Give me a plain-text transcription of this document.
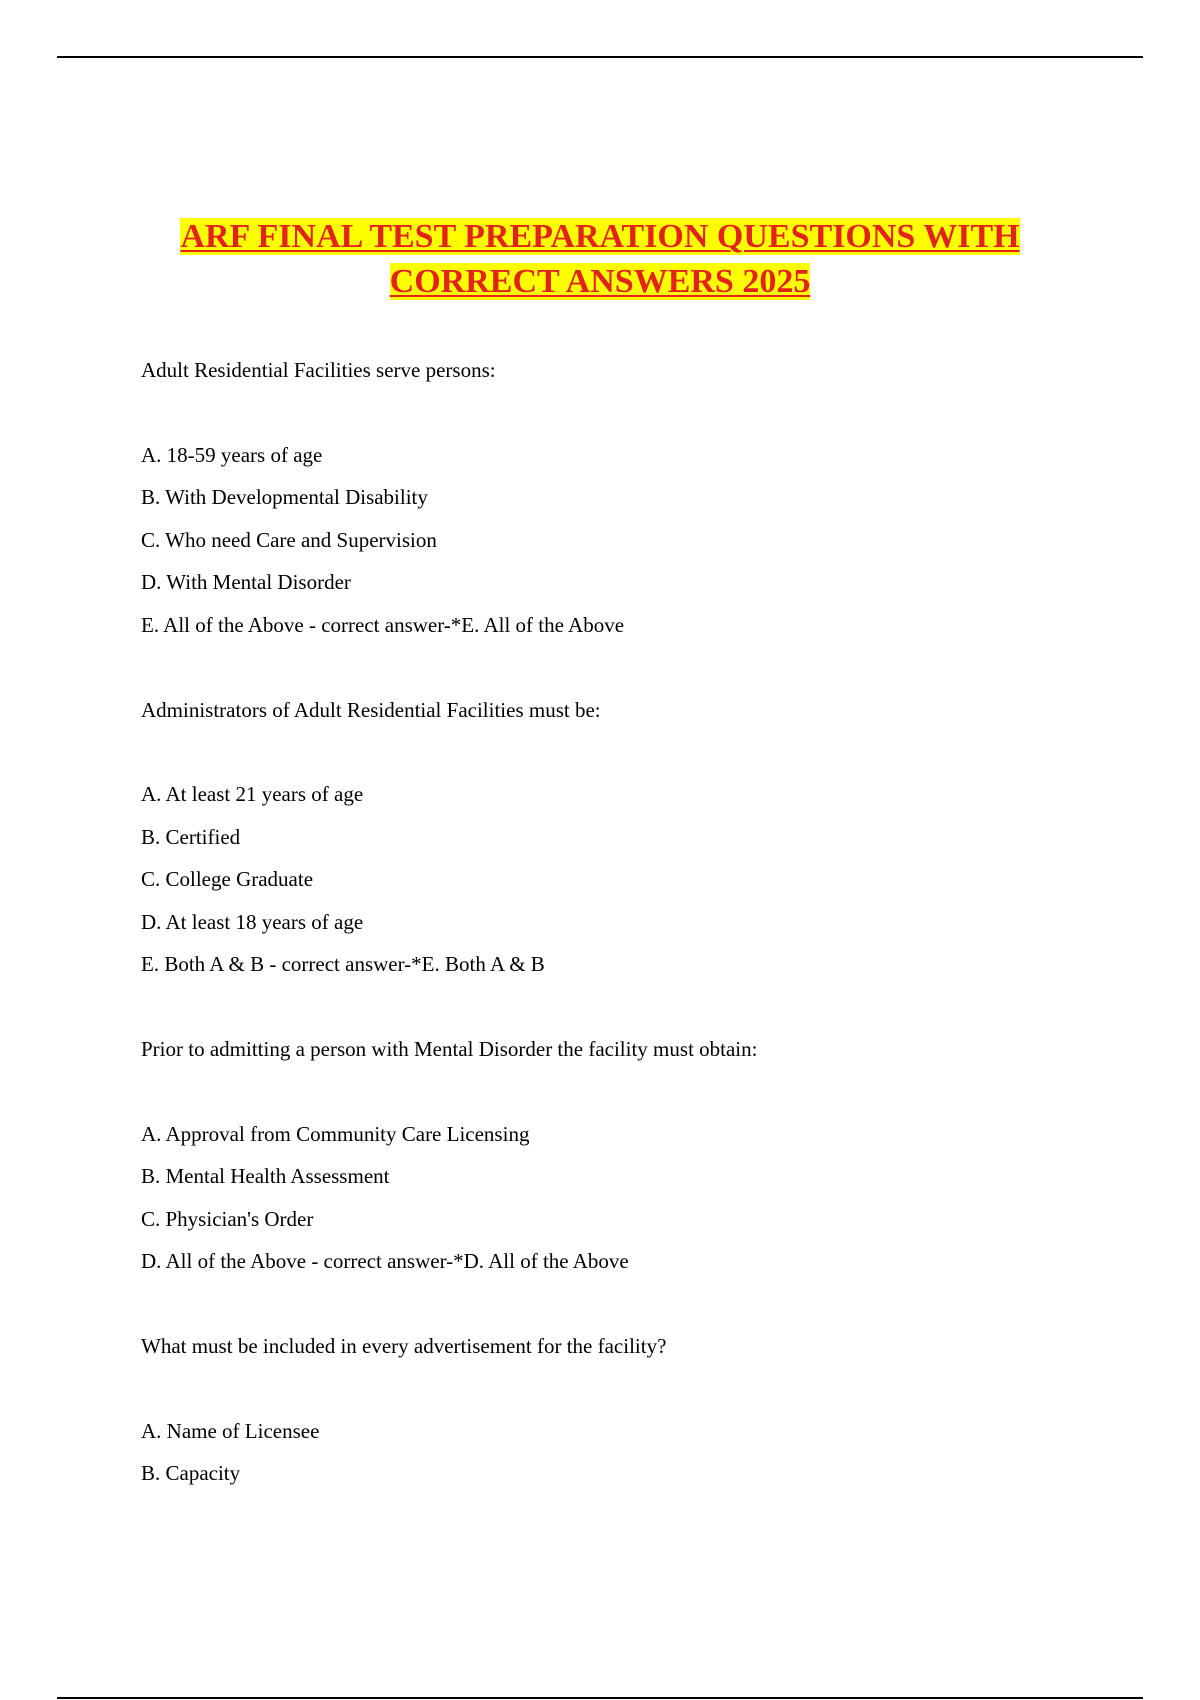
ARF FINAL TEST PREPARATION QUESTIONS WITH
CORRECT ANSWERS 2025
Adult Residential Facilities serve persons:
A. 18-59 years of age
B. With Developmental Disability
C. Who need Care and Supervision
D. With Mental Disorder
E. All of the Above - correct answer-*E. All of the Above
Administrators of Adult Residential Facilities must be:
A. At least 21 years of age
B. Certified
C. College Graduate
D. At least 18 years of age
E. Both A & B - correct answer-*E. Both A & B
Prior to admitting a person with Mental Disorder the facility must obtain:
A. Approval from Community Care Licensing
B. Mental Health Assessment
C. Physician's Order
D. All of the Above - correct answer-*D. All of the Above
What must be included in every advertisement for the facility?
A. Name of Licensee
B. Capacity
